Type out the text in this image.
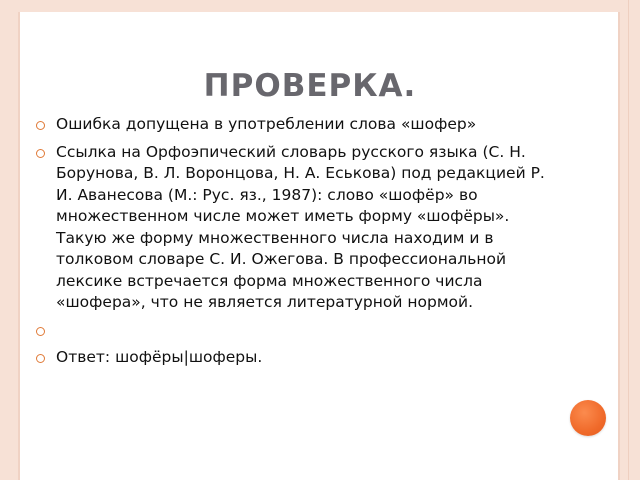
ПРОВЕРКА.
Ошибка допущена в употреблении слова «шофер»
Ссылка на Орфоэпический словарь русского языка (С. Н. Борунова, В. Л. Воронцова, Н. А. Еськова) под редакцией Р. И. Аванесова (М.: Рус. яз., 1987): слово «шофёр» во множественном числе может иметь форму «шофёры». Такую же форму множественного числа находим и в толковом словаре С. И. Ожегова. В профессиональной лексике встречается форма множественного числа «шофера», что не является литературной нормой.
Ответ: шофёры|шоферы.
